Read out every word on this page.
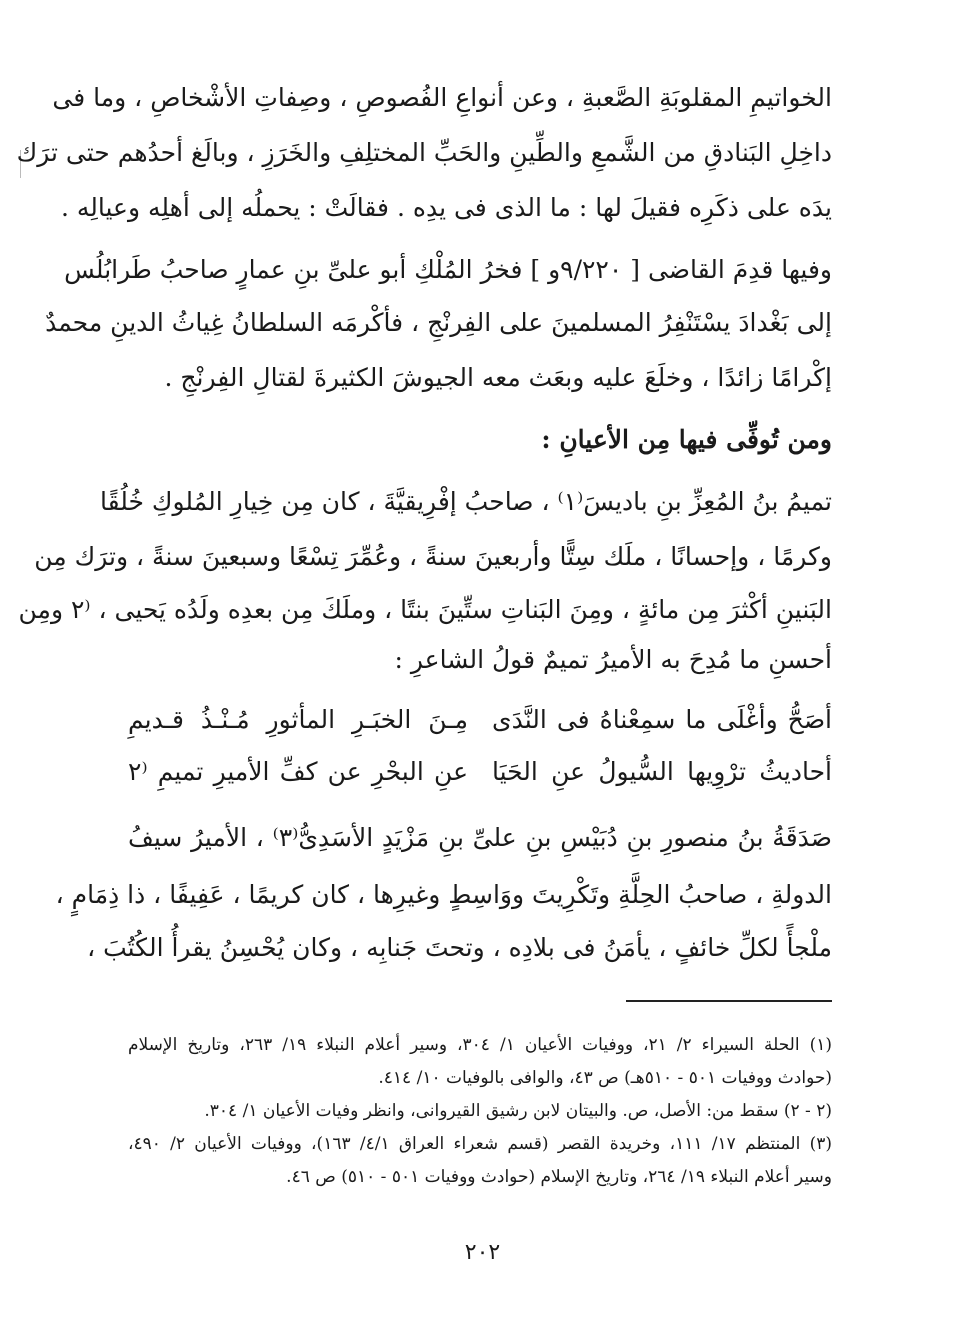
الخواتيمِ المقلوبَةِ الصَّعبةِ ، وعن أنواعِ الفُصوصِ ، وصِفاتِ الأشْخاصِ ، وما فى
داخِلِ البَنادقِ من الشَّمعِ والطِّينِ والحَبِّ المختلِفِ والخَرَزِ ، وبالَغ أحدُهم حتى ترَك
يدَه على ذكَرِه فقيلَ لها : ما الذى فى يدِه . فقالَتْ : يحملُه إلى أهلِه وعيالِه .
وفيها قدِمَ القاضى [ ٩/٢٢٠و ] فخرُ المُلْكِ أبو علىِّ بنِ عمارٍ صاحبُ طَرابُلُس
إلى بَغْدادَ يسْتَنْفِرُ المسلمينَ على الفِرنْجِ ، فأكْرمَه السلطانُ غِياثُ الدينِ محمدٌ
إكْرامًا زائدًا ، وخلَعَ عليه وبعَث معه الجيوشَ الكثيرةَ لقتالِ الفِرنْجِ .
ومن تُوفِّى فيها مِن الأعيانِ :
تميمُ بنُ المُعِزِّ بنِ باديسَ⁽١⁾ ، صاحبُ إفْرِيقيَّةَ ، كان مِن خِيارِ المُلوكِ خُلُقًا
وكرمًا ، وإحسانًا ، ملَك سِتًّا وأربعينَ سنةً ، وعُمِّرَ تِسْعًا وسبعينَ سنةً ، وترَك مِن
البَنينِ أكْثرَ مِن مائةٍ ، ومِنَ البَناتِ ستِّينَ بنتًا ، وملَكَ مِن بعدِه ولَدُه يَحيى ، ⁽٢ ومِن
أحسنِ ما مُدِحَ به الأميرُ تميمٌ قولُ الشاعرِ :
أصَحُّ وأغْلَى ما سمِعْناهُ فى النَّدَى
مِـنَ الخبَـرِ المأثورِ مُـنْـذُ قـديمِ
أحاديثُ ترْوِيها السُّيولُ عنِ الحَيَا
عنِ البحْرِ عن كفِّ الأميرِ تميمِ ⁽٢
صَدَقَةُ بنُ منصورِ بنِ دُبَيْسِ بنِ علىِّ بنِ مَزْيَدٍ الأسَدِىُّ⁽٣⁾ ، الأميرُ سيفُ
الدولةِ ، صاحبُ الحِلَّةِ وتَكْرِيتَ ووَاسِطٍ وغيرِها ، كان كريمًا ، عَفِيفًا ، ذا ذِمَامٍ ،
ملْجأً لكلِّ خائفٍ ، يأمَنُ فى بلادِه ، وتحتَ جَنابِه ، وكان يُحْسِنُ يقرأُ الكُتُبَ ،
(١) الحلة السيراء ٢/ ٢١، ووفيات الأعيان ١/ ٣٠٤، وسير أعلام النبلاء ١٩/ ٢٦٣، وتاريخ الإسلام
(حوادث ووفيات ٥٠١ - ٥١٠هـ) ص ٤٣، والوافى بالوفيات ١٠/ ٤١٤.
(٢ - ٢) سقط من: الأصل، ص. والبيتان لابن رشيق القيروانى، وانظر وفيات الأعيان ١/ ٣٠٤.
(٣) المنتظم ١٧/ ١١١، وخريدة القصر (قسم شعراء العراق ٤/١/ ١٦٣)، ووفيات الأعيان ٢/ ٤٩٠،
وسير أعلام النبلاء ١٩/ ٢٦٤، وتاريخ الإسلام (حوادث ووفيات ٥٠١ - ٥١٠) ص ٤٦.
٢٠٢
